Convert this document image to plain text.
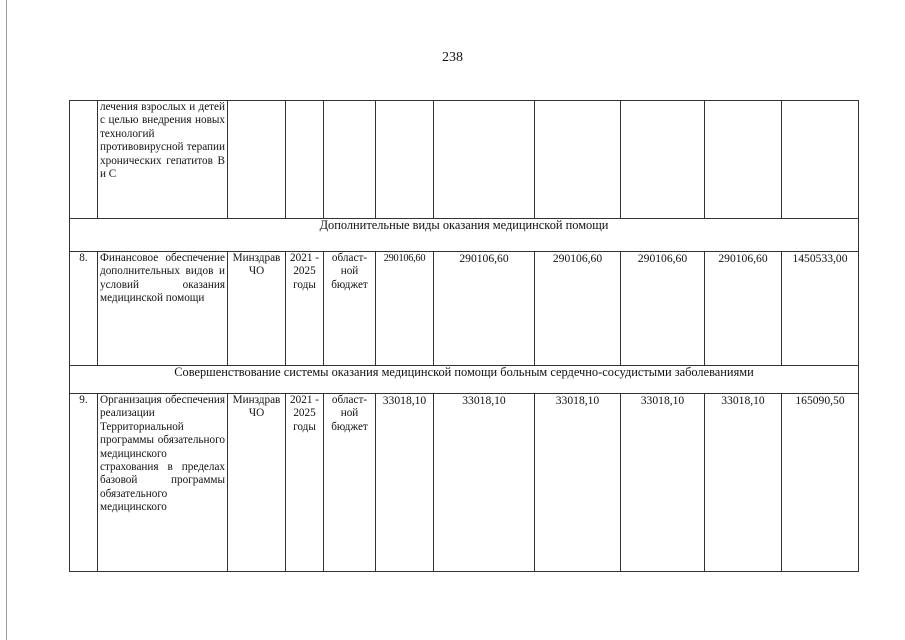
238
	лечения взрослых и детей с целью внедрения новых технологий противовирусной терапии хронических гепатитов В и С									
Дополнительные виды оказания медицинской помощи										
8.	Финансовое обеспечение дополнительных видов и условий оказания медицинской помощи	Минздрав ЧО	2021 - 2025 годы	област-ной бюджет	290106,60	290106,60	290106,60	290106,60	290106,60	1450533,00
Совершенствование системы оказания медицинской помощи больным сердечно-сосудистыми заболеваниями										
9.	Организация обеспечения реализации Территориальной программы обязательного медицинского страхования в пределах базовой программы обязательного медицинского	Минздрав ЧО	2021 - 2025 годы	област-ной бюджет	33018,10	33018,10	33018,10	33018,10	33018,10	165090,50
